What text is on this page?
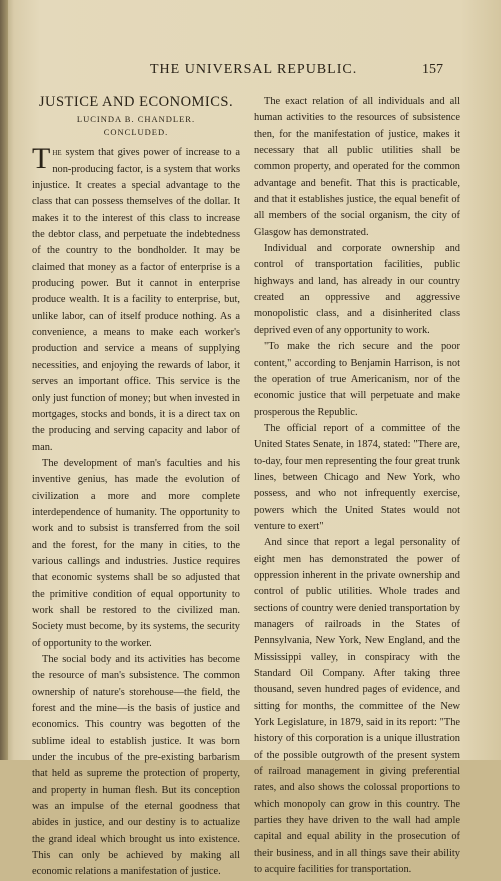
THE UNIVERSAL REPUBLIC.	157
JUSTICE AND ECONOMICS.
LUCINDA B. CHANDLER.
CONCLUDED.

The system that gives power of increase to a non-producing factor, is a system that works injustice. It creates a special advantage to the class that can possess themselves of the dollar. It makes it to the interest of this class to increase the debtor class, and perpetuate the indebtedness of the country to the bondholder. It may be claimed that money as a factor of enterprise is a producing power. But it cannot in enterprise produce wealth. It is a facility to enterprise, but, unlike labor, can of itself produce nothing. As a convenience, a means to make each worker's production and service a means of supplying necessities, and enjoying the rewards of labor, it serves an important office. This service is the only just function of money; but when invested in mortgages, stocks and bonds, it is a direct tax on the producing and serving capacity and labor of man.

The development of man's faculties and his inventive genius, has made the evolution of civilization a more and more complete interdependence of humanity. The opportunity to work and to subsist is transferred from the soil and the forest, for the many in cities, to the various callings and industries. Justice requires that economic systems shall be so adjusted that the primitive condition of equal opportunity to work shall be restored to the civilized man. Society must become, by its systems, the security of opportunity to the worker.

The social body and its activities has become the resource of man's subsistence. The common ownership of nature's storehouse—the field, the forest and the mine—is the basis of justice and economics. This country was begotten of the sublime ideal to establish justice. It was born under the incubus of the pre-existing barbarism that held as supreme the protection of property, and property in human flesh. But its conception was an impulse of the eternal goodness that abides in justice, and our destiny is to actualize the grand ideal which brought us into existence. This can only be achieved by making all economic relations a manifestation of justice.

The exact relation of all individuals and all human activities to the resources of subsistence then, for the manifestation of justice, makes it necessary that all public utilities shall be common property, and operated for the common advantage and benefit. That this is practicable, and that it establishes justice, the equal benefit of all members of the social organism, the city of Glasgow has demonstrated.

Individual and corporate ownership and control of transportation facilities, public highways and land, has already in our country created an oppressive and aggressive monopolistic class, and a disinherited class deprived even of any opportunity to work.

"To make the rich secure and the poor content," according to Benjamin Harrison, is not the operation of true Americanism, nor of the economic justice that will perpetuate and make prosperous the Republic.

The official report of a committee of the United States Senate, in 1874, stated: "There are, to-day, four men representing the four great trunk lines, between Chicago and New York, who possess, and who not infrequently exercise, powers which the United States would not venture to exert"

And since that report a legal personality of eight men has demonstrated the power of oppression inherent in the private ownership and control of public utilities. Whole trades and sections of country were denied transportation by managers of railroads in the States of Pennsylvania, New York, New England, and the Mississippi valley, in conspiracy with the Standard Oil Company. After taking three thousand, seven hundred pages of evidence, and sitting for months, the committee of the New York Legislature, in 1879, said in its report: "The history of this corporation is a unique illustration of the possible outgrowth of the present system of railroad management in giving preferential rates, and also shows the colossal proportions to which monopoly can grow in this country. The parties they have driven to the wall had ample capital and equal ability in the prosecution of their business, and in all things save their ability to acquire facilities for transportation.
